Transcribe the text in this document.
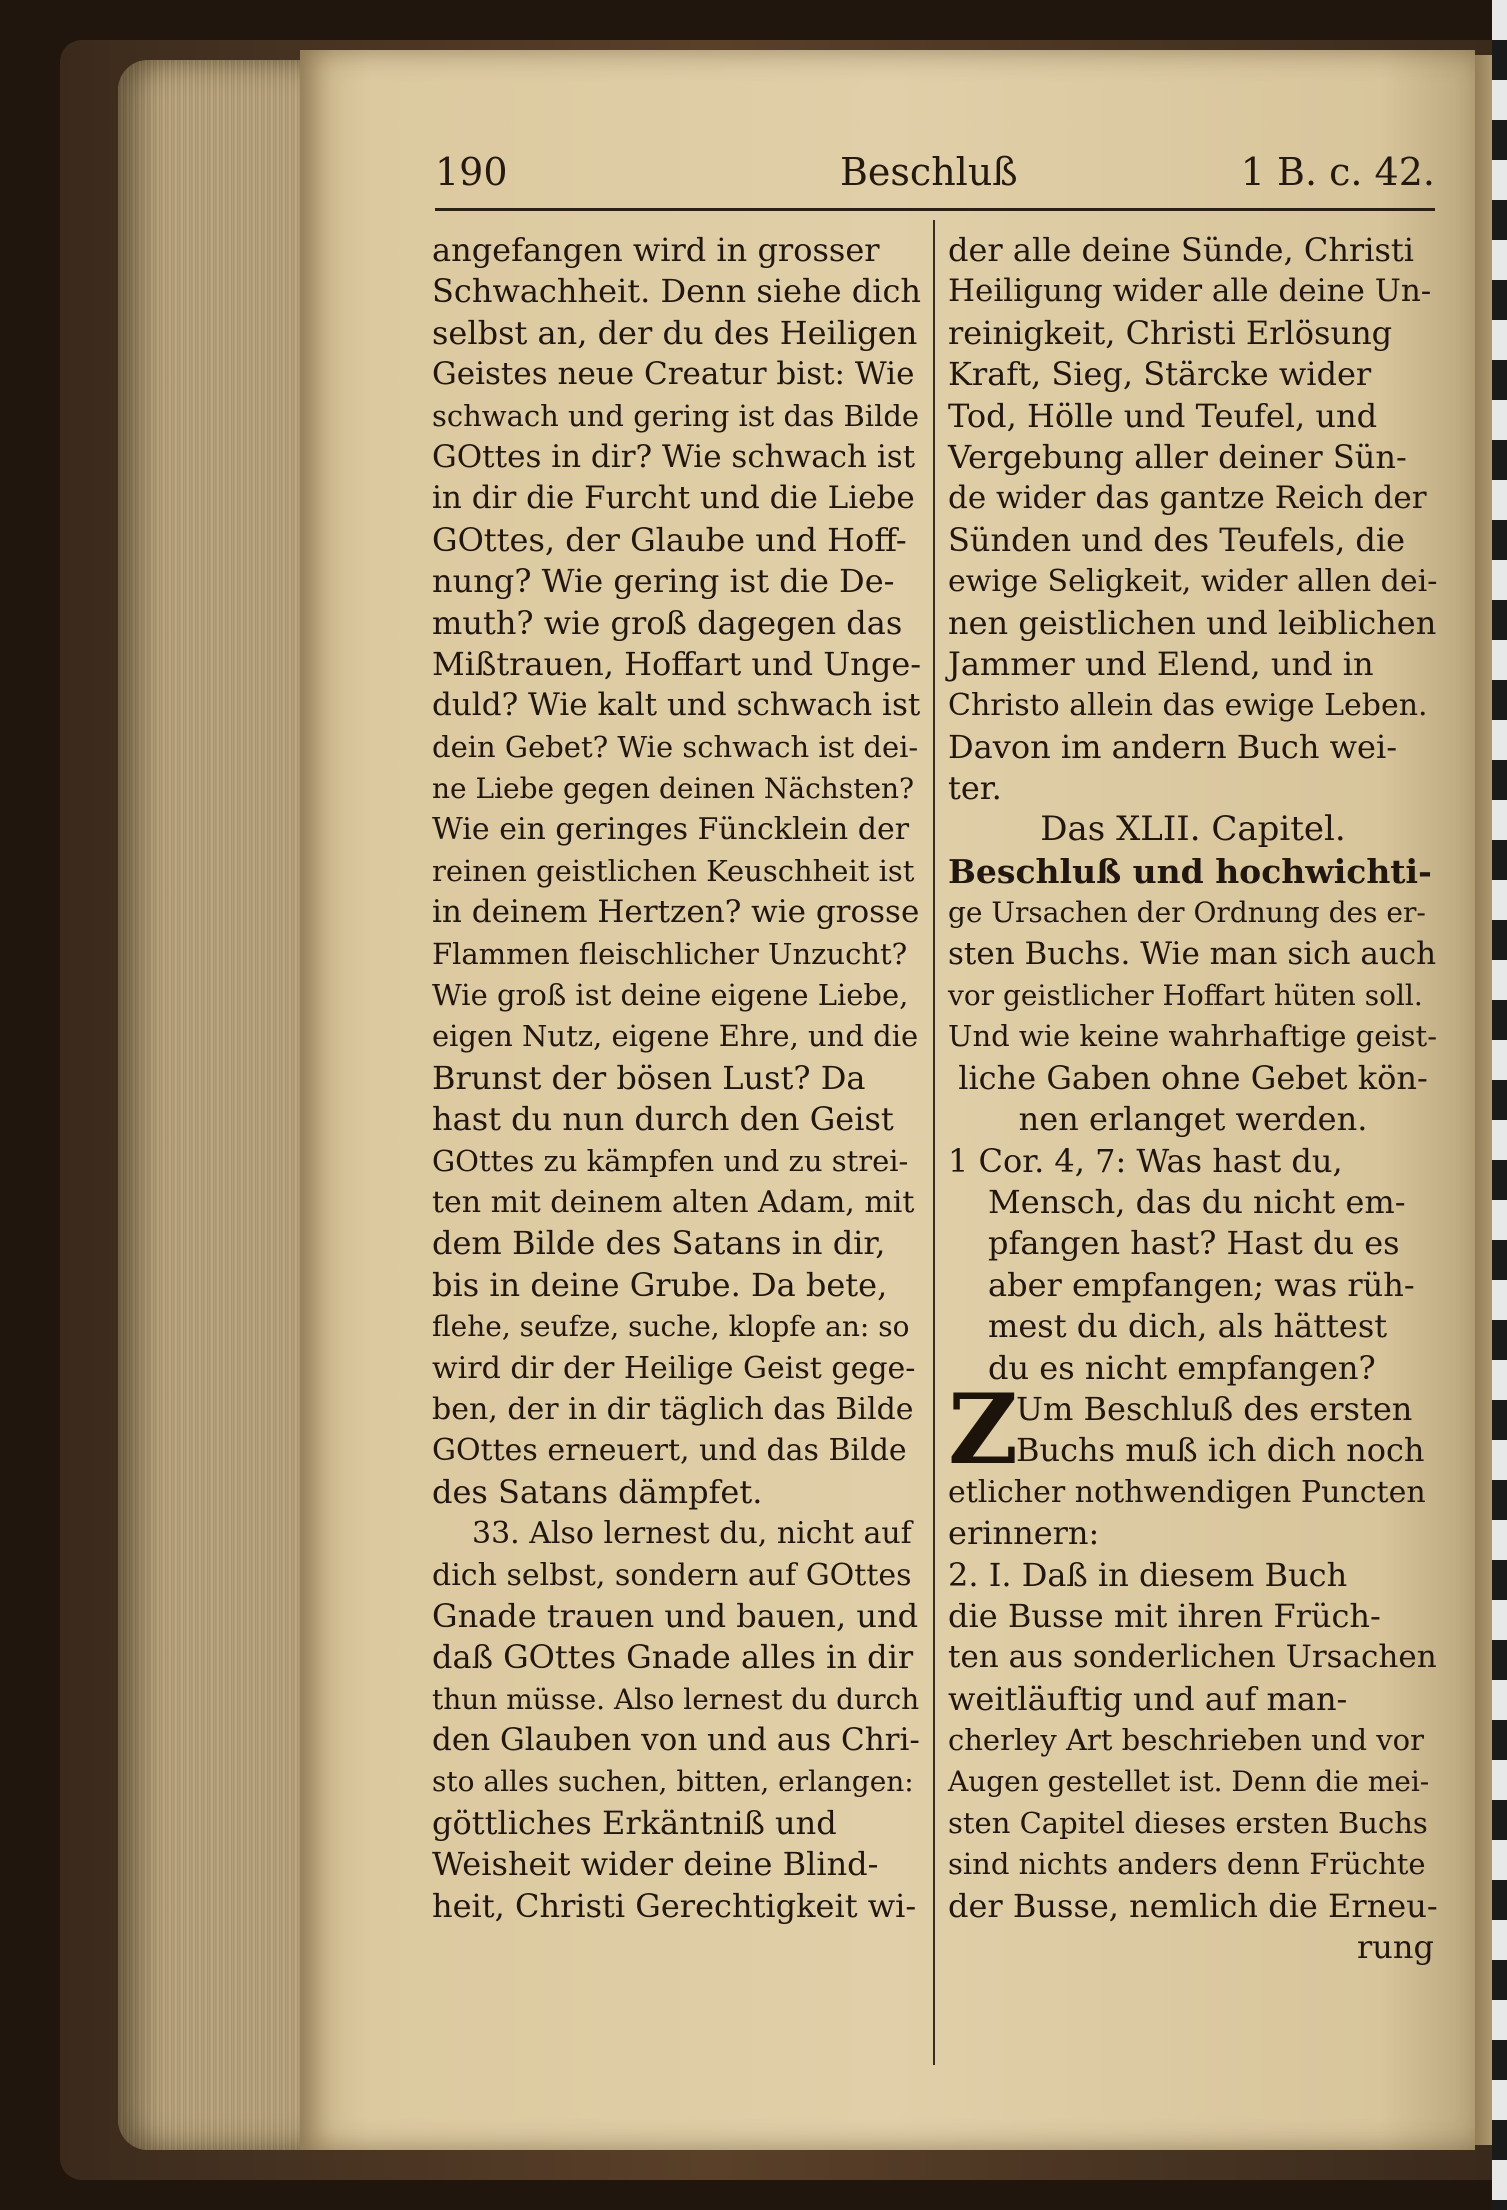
190	Beschluß	1 B. c. 42.
angefangen wird in grosser
Schwachheit. Denn siehe dich
selbst an, der du des Heiligen
Geistes neue Creatur bist: Wie
schwach und gering ist das Bilde
GOttes in dir? Wie schwach ist
in dir die Furcht und die Liebe
GOttes, der Glaube und Hoff-
nung? Wie gering ist die De-
muth? wie groß dagegen das
Mißtrauen, Hoffart und Unge-
duld? Wie kalt und schwach ist
dein Gebet? Wie schwach ist dei-
ne Liebe gegen deinen Nächsten?
Wie ein geringes Füncklein der
reinen geistlichen Keuschheit ist
in deinem Hertzen? wie grosse
Flammen fleischlicher Unzucht?
Wie groß ist deine eigene Liebe,
eigen Nutz, eigene Ehre, und die
Brunst der bösen Lust? Da
hast du nun durch den Geist
GOttes zu kämpfen und zu strei-
ten mit deinem alten Adam, mit
dem Bilde des Satans in dir,
bis in deine Grube. Da bete,
flehe, seufze, suche, klopfe an: so
wird dir der Heilige Geist gege-
ben, der in dir täglich das Bilde
GOttes erneuert, und das Bilde
des Satans dämpfet.
33. Also lernest du, nicht auf
dich selbst, sondern auf GOttes
Gnade trauen und bauen, und
daß GOttes Gnade alles in dir
thun müsse. Also lernest du durch
den Glauben von und aus Chri-
sto alles suchen, bitten, erlangen:
göttliches Erkäntniß und
Weisheit wider deine Blind-
heit, Christi Gerechtigkeit wi-
der alle deine Sünde, Christi
Heiligung wider alle deine Un-
reinigkeit, Christi Erlösung
Kraft, Sieg, Stärcke wider
Tod, Hölle und Teufel, und
Vergebung aller deiner Sün-
de wider das gantze Reich der
Sünden und des Teufels, die
ewige Seligkeit, wider allen dei-
nen geistlichen und leiblichen
Jammer und Elend, und in
Christo allein das ewige Leben.
Davon im andern Buch wei-
ter.
Das XLII. Capitel.
Beschluß und hochwichti-
ge Ursachen der Ordnung des er-
sten Buchs. Wie man sich auch
vor geistlicher Hoffart hüten soll.
Und wie keine wahrhaftige geist-
liche Gaben ohne Gebet kön-
nen erlanget werden.
1 Cor. 4, 7: Was hast du,
Mensch, das du nicht em-
pfangen hast? Hast du es
aber empfangen; was rüh-
mest du dich, als hättest
du es nicht empfangen?
Z
Um Beschluß des ersten
Buchs muß ich dich noch
etlicher nothwendigen Puncten
erinnern:
2. I. Daß in diesem Buch
die Busse mit ihren Früch-
ten aus sonderlichen Ursachen
weitläuftig und auf man-
cherley Art beschrieben und vor
Augen gestellet ist. Denn die mei-
sten Capitel dieses ersten Buchs
sind nichts anders denn Früchte
der Busse, nemlich die Erneu-
rung
